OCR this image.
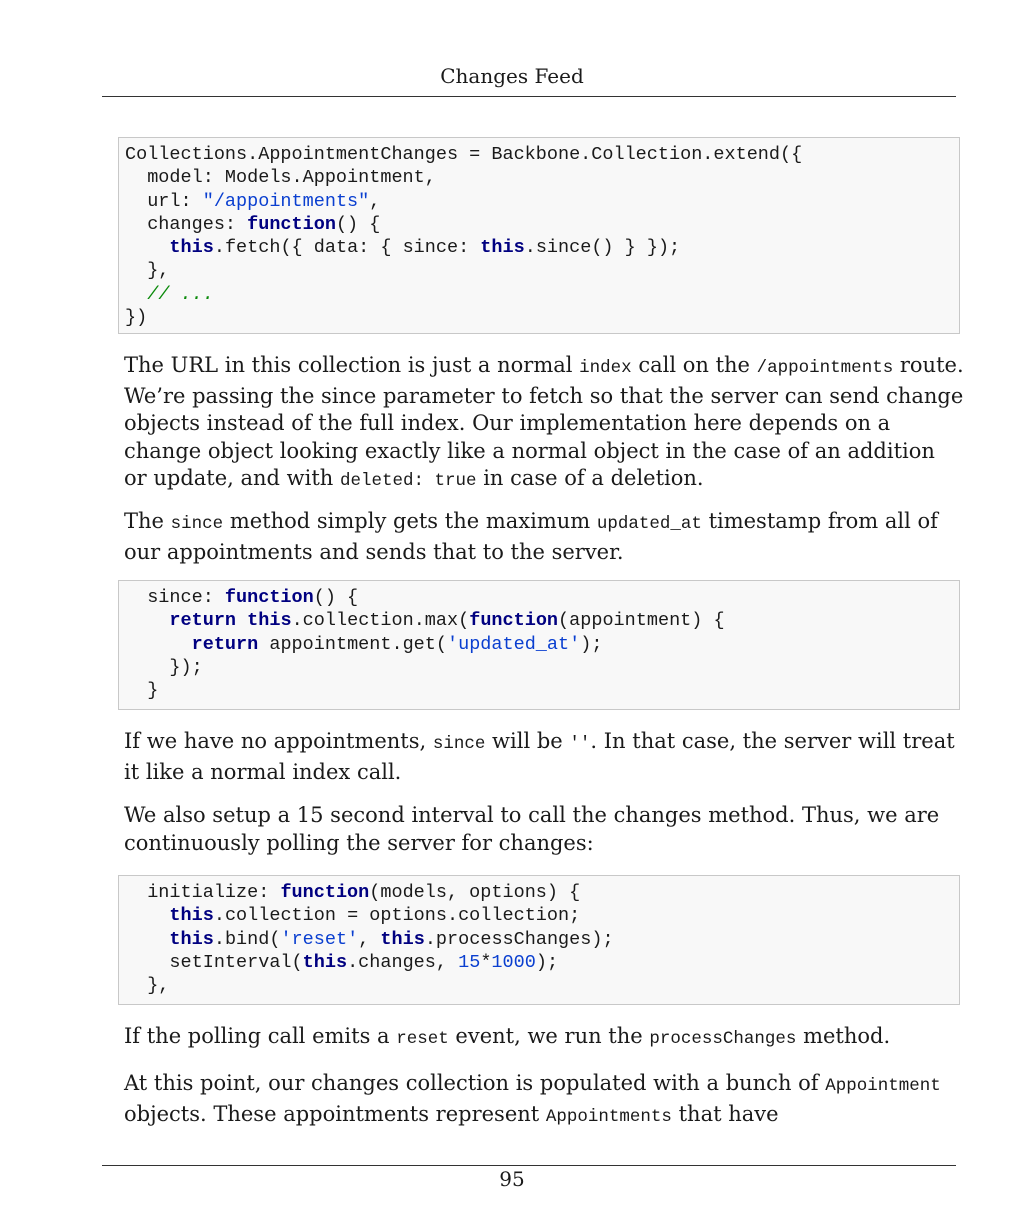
Changes Feed
Collections.AppointmentChanges = Backbone.Collection.extend({
model: Models.Appointment,
url: "/appointments",
changes: function() {
this.fetch({ data: { since: this.since() } });
},
// ...
})
The URL in this collection is just a normal index call on the /appointments route. We’re passing the since parameter to fetch so that the server can send change objects instead of the full index. Our implementation here depends on a change object looking exactly like a normal object in the case of an addition or update, and with deleted: true in case of a deletion.
The since method simply gets the maximum updated_at timestamp from all of our appointments and sends that to the server.
since: function() {
return this.collection.max(function(appointment) {
return appointment.get('updated_at');
});
}
If we have no appointments, since will be ''. In that case, the server will treat it like a normal index call.
We also setup a 15 second interval to call the changes method. Thus, we are continuously polling the server for changes:
initialize: function(models, options) {
this.collection = options.collection;
this.bind('reset', this.processChanges);
setInterval(this.changes, 15*1000);
},
If the polling call emits a reset event, we run the processChanges method.
At this point, our changes collection is populated with a bunch of Appointment objects. These appointments represent Appointments that have
95
